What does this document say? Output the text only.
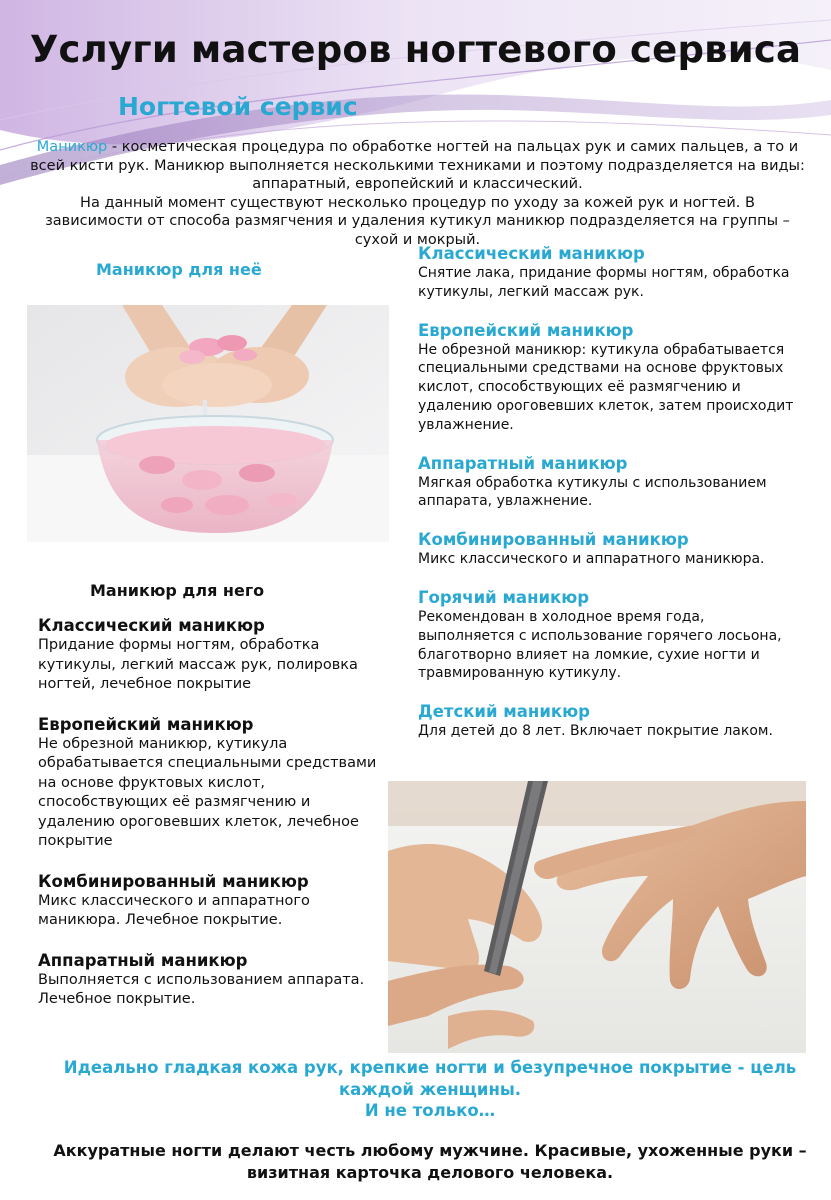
Услуги мастеров ногтевого сервиса
Ногтевой сервис

Маникюр - косметическая процедура по обработке ногтей на пальцах рук и самих пальцев, а то и всей кисти рук. Маникюр выполняется несколькими техниками и поэтому подразделяется на виды: аппаратный, европейский и классический.

На данный момент существуют несколько процедур по уходу за кожей рук и ногтей. В зависимости от способа размягчения и удаления кутикул маникюр подразделяется на группы – сухой и мокрый.

Маникюр для неё
Маникюр для него
Классический маникюр
Снятие лака, придание формы ногтям, обработка кутикулы, легкий массаж рук.
Европейский маникюр
Не обрезной маникюр: кутикула обрабатывается специальными средствами на основе фруктовых кислот, способствующих её размягчению и удалению ороговевших клеток, затем происходит увлажнение.
Аппаратный маникюр
Мягкая обработка кутикулы с использованием аппарата, увлажнение.
Комбинированный маникюр
Микс классического и аппаратного маникюра.
Горячий маникюр
Рекомендован в холодное время года, выполняется с использование горячего лосьона, благотворно влияет на ломкие, сухие ногти и травмированную кутикулу.
Детский маникюр
Для детей до 8 лет. Включает покрытие лаком.
Классический маникюр
Придание формы ногтям, обработка кутикулы, легкий массаж рук, полировка ногтей, лечебное покрытие
Европейский маникюр
Не обрезной маникюр, кутикула обрабатывается специальными средствами на основе фруктовых кислот, способствующих её размягчению и удалению ороговевших клеток, лечебное покрытие
Комбинированный маникюр
Микс классического и аппаратного маникюра. Лечебное покрытие.
Аппаратный маникюр
Выполняется с использованием аппарата. Лечебное покрытие.
Идеально гладкая кожа рук, крепкие ногти и безупречное покрытие - цель каждой женщины.
И не только…
Аккуратные ногти делают честь любому мужчине. Красивые, ухоженные руки – визитная карточка делового человека.
